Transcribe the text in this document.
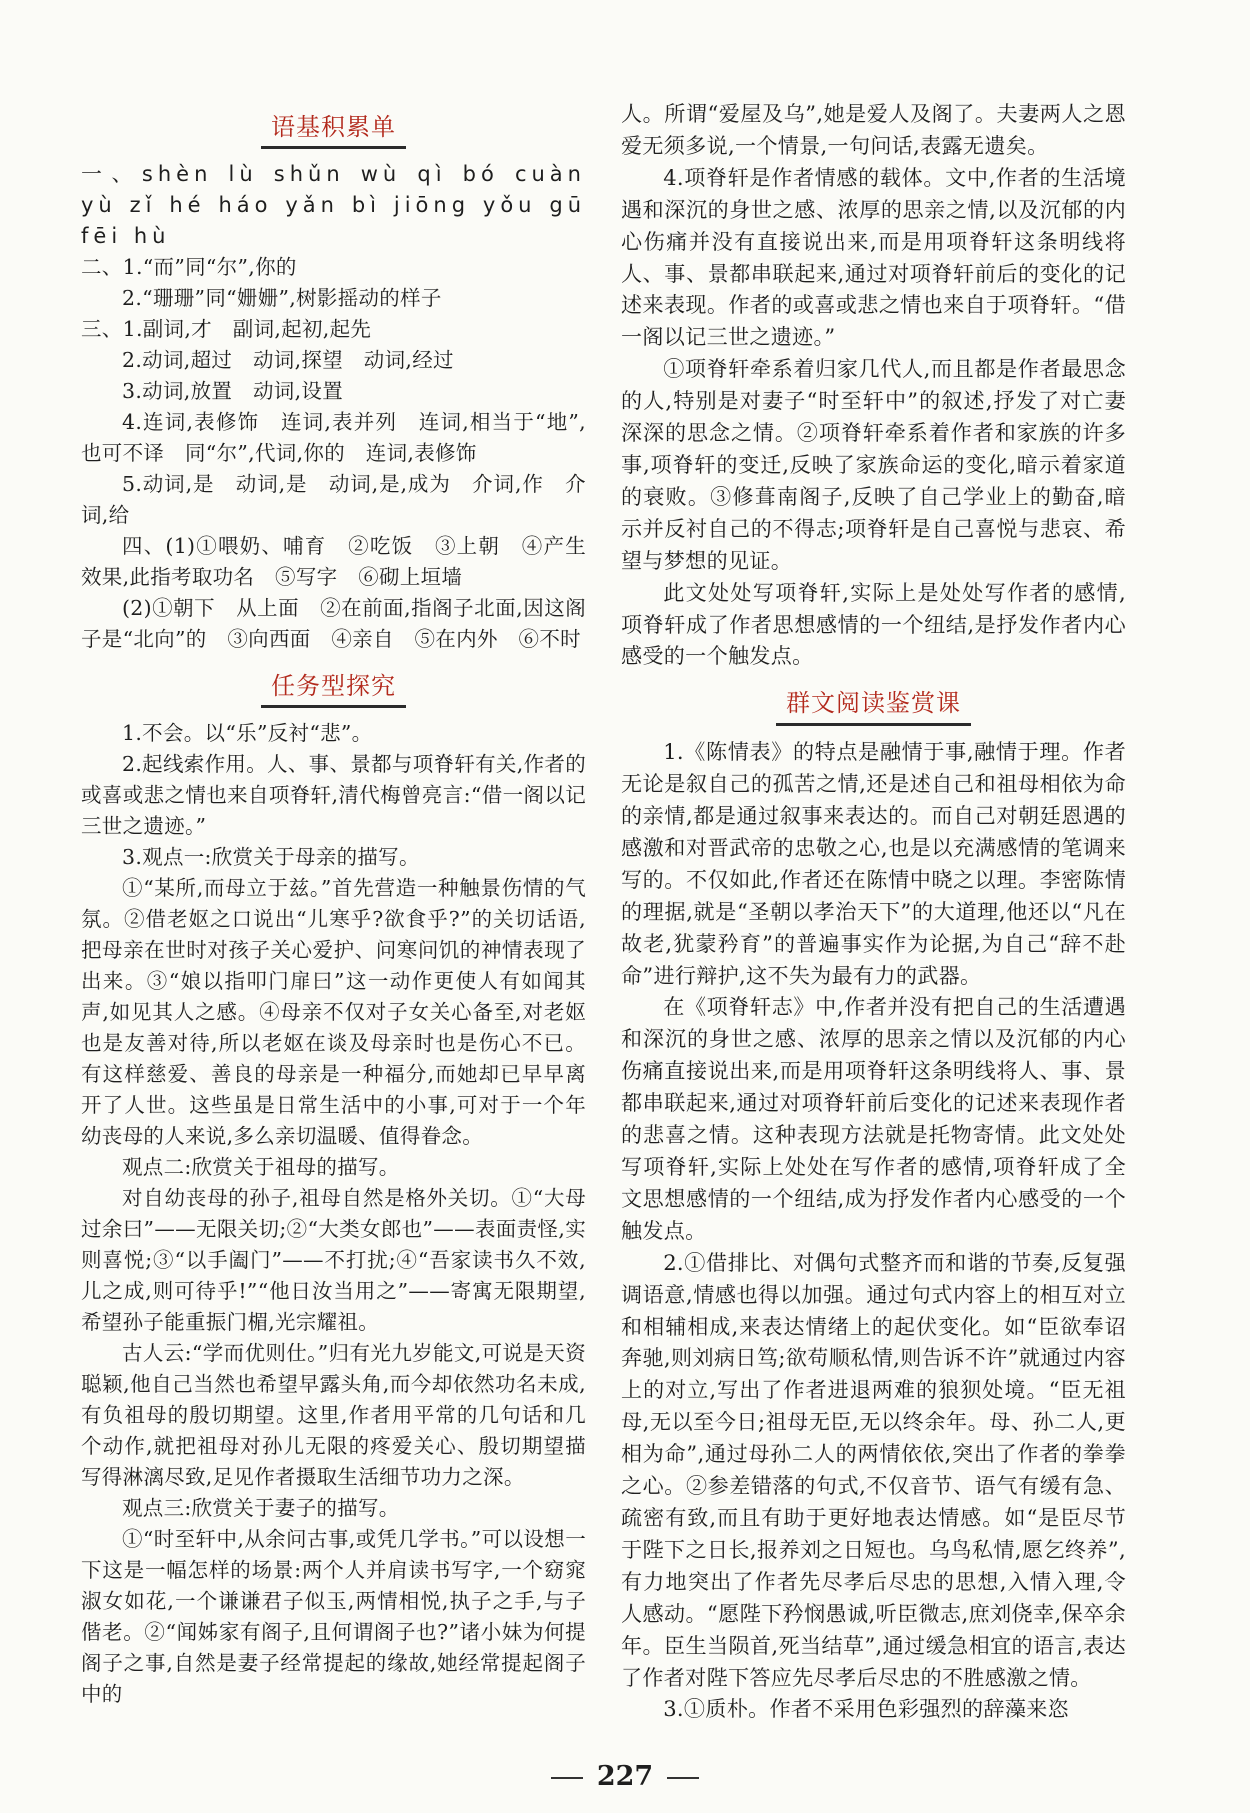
语基积累单

一、shèn lù shǔn wù qì bó cuàn yù zǐ hé háo yǎn bì jiōng yǒu gū fēi hù

二、1.“而”同“尔”,你的

2.“珊珊”同“姗姗”,树影摇动的样子

三、1.副词,才　副词,起初,起先

2.动词,超过　动词,探望　动词,经过

3.动词,放置　动词,设置

4.连词,表修饰　连词,表并列　连词,相当于“地”,也可不译　同“尔”,代词,你的　连词,表修饰

5.动词,是　动词,是　动词,是,成为　介词,作　介词,给

四、(1)①喂奶、哺育　②吃饭　③上朝　④产生效果,此指考取功名　⑤写字　⑥砌上垣墙

(2)①朝下　从上面　②在前面,指阁子北面,因这阁子是“北向”的　③向西面　④亲自　⑤在内外　⑥不时

任务型探究

1.不会。以“乐”反衬“悲”。

2.起线索作用。人、事、景都与项脊轩有关,作者的或喜或悲之情也来自项脊轩,清代梅曾亮言:“借一阁以记三世之遗迹。”

3.观点一:欣赏关于母亲的描写。

①“某所,而母立于兹。”首先营造一种触景伤情的气氛。②借老妪之口说出“儿寒乎?欲食乎?”的关切话语,把母亲在世时对孩子关心爱护、问寒问饥的神情表现了出来。③“娘以指叩门扉曰”这一动作更使人有如闻其声,如见其人之感。④母亲不仅对子女关心备至,对老妪也是友善对待,所以老妪在谈及母亲时也是伤心不已。有这样慈爱、善良的母亲是一种福分,而她却已早早离开了人世。这些虽是日常生活中的小事,可对于一个年幼丧母的人来说,多么亲切温暖、值得眷念。

观点二:欣赏关于祖母的描写。

对自幼丧母的孙子,祖母自然是格外关切。①“大母过余曰”——无限关切;②“大类女郎也”——表面责怪,实则喜悦;③“以手阖门”——不打扰;④“吾家读书久不效,儿之成,则可待乎!”“他日汝当用之”——寄寓无限期望,希望孙子能重振门楣,光宗耀祖。

古人云:“学而优则仕。”归有光九岁能文,可说是天资聪颖,他自己当然也希望早露头角,而今却依然功名未成,有负祖母的殷切期望。这里,作者用平常的几句话和几个动作,就把祖母对孙儿无限的疼爱关心、殷切期望描写得淋漓尽致,足见作者摄取生活细节功力之深。

观点三:欣赏关于妻子的描写。

①“时至轩中,从余问古事,或凭几学书。”可以设想一下这是一幅怎样的场景:两个人并肩读书写字,一个窈窕淑女如花,一个谦谦君子似玉,两情相悦,执子之手,与子偕老。②“闻姊家有阁子,且何谓阁子也?”诸小妹为何提阁子之事,自然是妻子经常提起的缘故,她经常提起阁子中的

人。所谓“爱屋及乌”,她是爱人及阁了。夫妻两人之恩爱无须多说,一个情景,一句问话,表露无遗矣。

4.项脊轩是作者情感的载体。文中,作者的生活境遇和深沉的身世之感、浓厚的思亲之情,以及沉郁的内心伤痛并没有直接说出来,而是用项脊轩这条明线将人、事、景都串联起来,通过对项脊轩前后的变化的记述来表现。作者的或喜或悲之情也来自于项脊轩。“借一阁以记三世之遗迹。”

①项脊轩牵系着归家几代人,而且都是作者最思念的人,特别是对妻子“时至轩中”的叙述,抒发了对亡妻深深的思念之情。②项脊轩牵系着作者和家族的许多事,项脊轩的变迁,反映了家族命运的变化,暗示着家道的衰败。③修葺南阁子,反映了自己学业上的勤奋,暗示并反衬自己的不得志;项脊轩是自己喜悦与悲哀、希望与梦想的见证。

此文处处写项脊轩,实际上是处处写作者的感情,项脊轩成了作者思想感情的一个纽结,是抒发作者内心感受的一个触发点。

群文阅读鉴赏课

1.《陈情表》的特点是融情于事,融情于理。作者无论是叙自己的孤苦之情,还是述自己和祖母相依为命的亲情,都是通过叙事来表达的。而自己对朝廷恩遇的感激和对晋武帝的忠敬之心,也是以充满感情的笔调来写的。不仅如此,作者还在陈情中晓之以理。李密陈情的理据,就是“圣朝以孝治天下”的大道理,他还以“凡在故老,犹蒙矜育”的普遍事实作为论据,为自己“辞不赴命”进行辩护,这不失为最有力的武器。

在《项脊轩志》中,作者并没有把自己的生活遭遇和深沉的身世之感、浓厚的思亲之情以及沉郁的内心伤痛直接说出来,而是用项脊轩这条明线将人、事、景都串联起来,通过对项脊轩前后变化的记述来表现作者的悲喜之情。这种表现方法就是托物寄情。此文处处写项脊轩,实际上处处在写作者的感情,项脊轩成了全文思想感情的一个纽结,成为抒发作者内心感受的一个触发点。

2.①借排比、对偶句式整齐而和谐的节奏,反复强调语意,情感也得以加强。通过句式内容上的相互对立和相辅相成,来表达情绪上的起伏变化。如“臣欲奉诏奔驰,则刘病日笃;欲苟顺私情,则告诉不许”就通过内容上的对立,写出了作者进退两难的狼狈处境。“臣无祖母,无以至今日;祖母无臣,无以终余年。母、孙二人,更相为命”,通过母孙二人的两情依依,突出了作者的拳拳之心。②参差错落的句式,不仅音节、语气有缓有急、疏密有致,而且有助于更好地表达情感。如“是臣尽节于陛下之日长,报养刘之日短也。乌鸟私情,愿乞终养”,有力地突出了作者先尽孝后尽忠的思想,入情入理,令人感动。“愿陛下矜悯愚诚,听臣微志,庶刘侥幸,保卒余年。臣生当陨首,死当结草”,通过缓急相宜的语言,表达了作者对陛下答应先尽孝后尽忠的不胜感激之情。

3.①质朴。作者不采用色彩强烈的辞藻来恣

227
